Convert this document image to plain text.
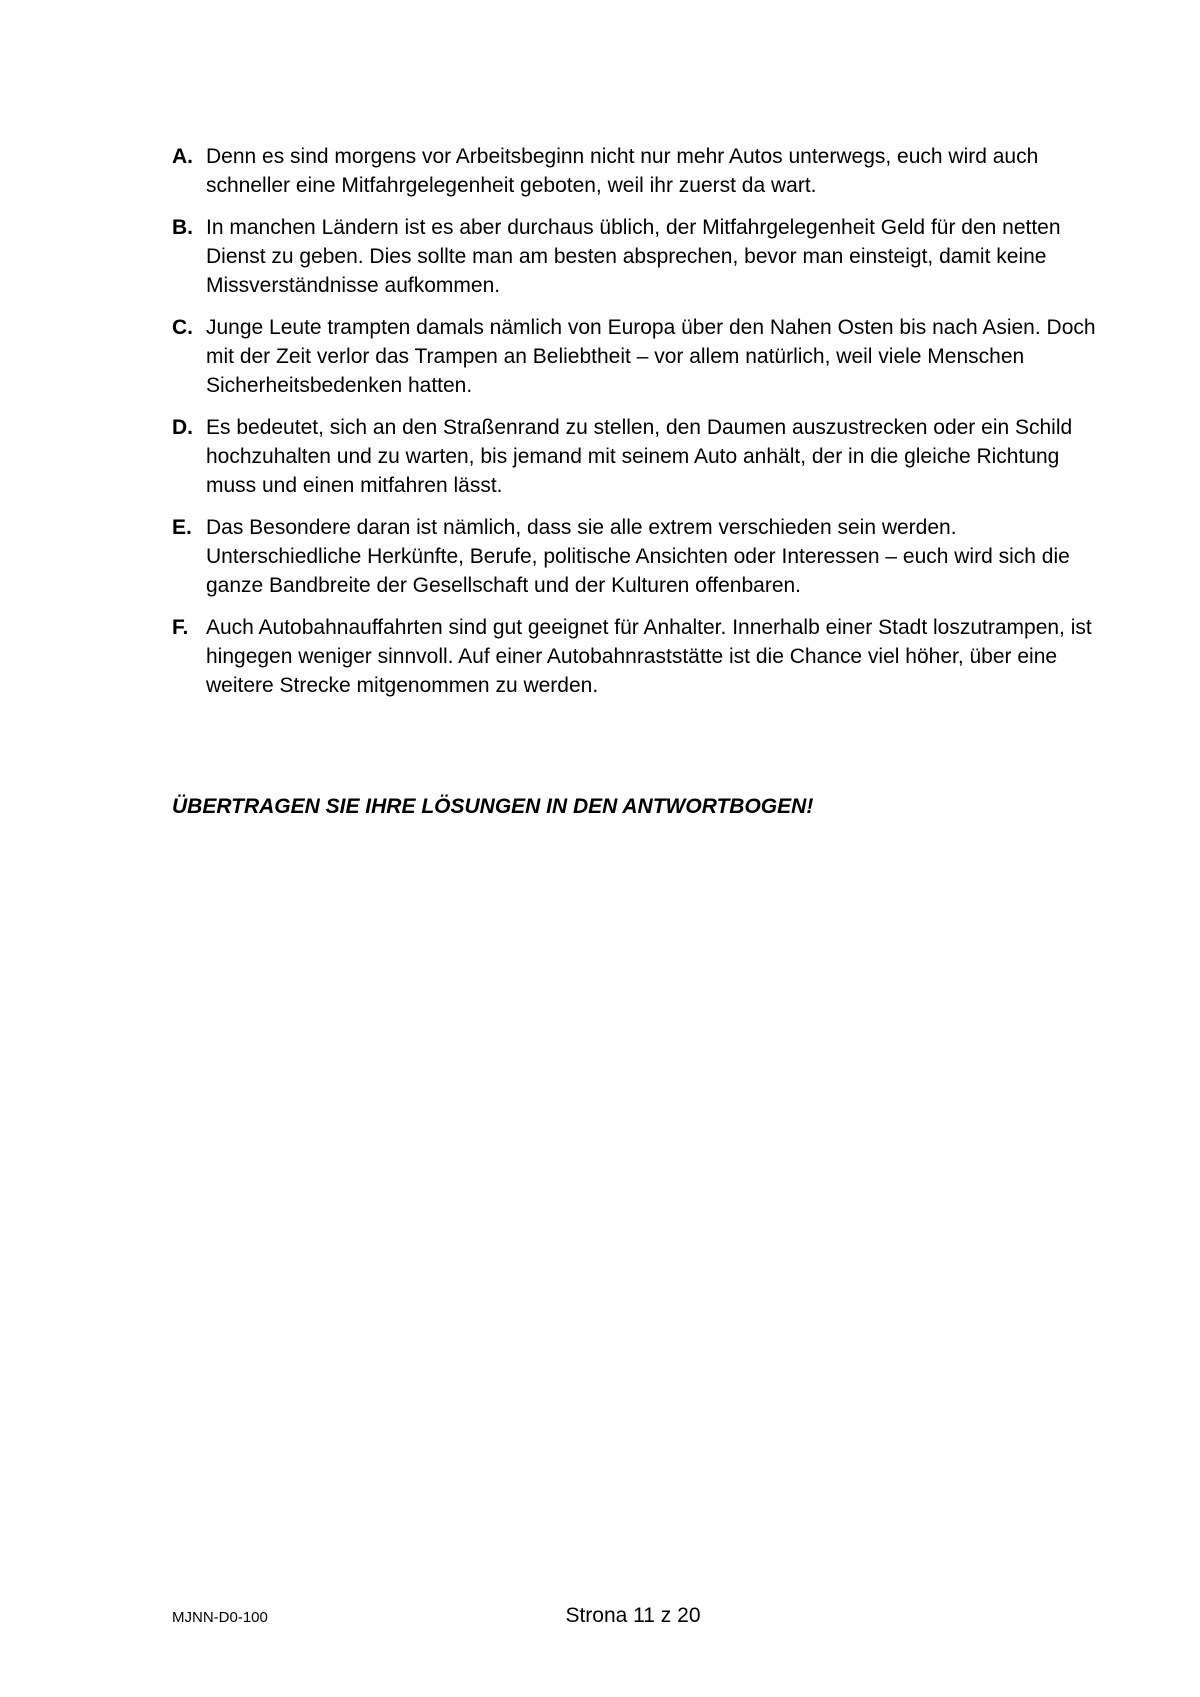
A. Denn es sind morgens vor Arbeitsbeginn nicht nur mehr Autos unterwegs, euch wird auch schneller eine Mitfahrgelegenheit geboten, weil ihr zuerst da wart.
B. In manchen Ländern ist es aber durchaus üblich, der Mitfahrgelegenheit Geld für den netten Dienst zu geben. Dies sollte man am besten absprechen, bevor man einsteigt, damit keine Missverständnisse aufkommen.
C. Junge Leute trampten damals nämlich von Europa über den Nahen Osten bis nach Asien. Doch mit der Zeit verlor das Trampen an Beliebtheit – vor allem natürlich, weil viele Menschen Sicherheitsbedenken hatten.
D. Es bedeutet, sich an den Straßenrand zu stellen, den Daumen auszustrecken oder ein Schild hochzuhalten und zu warten, bis jemand mit seinem Auto anhält, der in die gleiche Richtung muss und einen mitfahren lässt.
E. Das Besondere daran ist nämlich, dass sie alle extrem verschieden sein werden. Unterschiedliche Herkünfte, Berufe, politische Ansichten oder Interessen – euch wird sich die ganze Bandbreite der Gesellschaft und der Kulturen offenbaren.
F. Auch Autobahnauffahrten sind gut geeignet für Anhalter. Innerhalb einer Stadt loszutrampen, ist hingegen weniger sinnvoll. Auf einer Autobahnraststätte ist die Chance viel höher, über eine weitere Strecke mitgenommen zu werden.
ÜBERTRAGEN SIE IHRE LÖSUNGEN IN DEN ANTWORTBOGEN!
MJNN-D0-100	Strona 11 z 20
